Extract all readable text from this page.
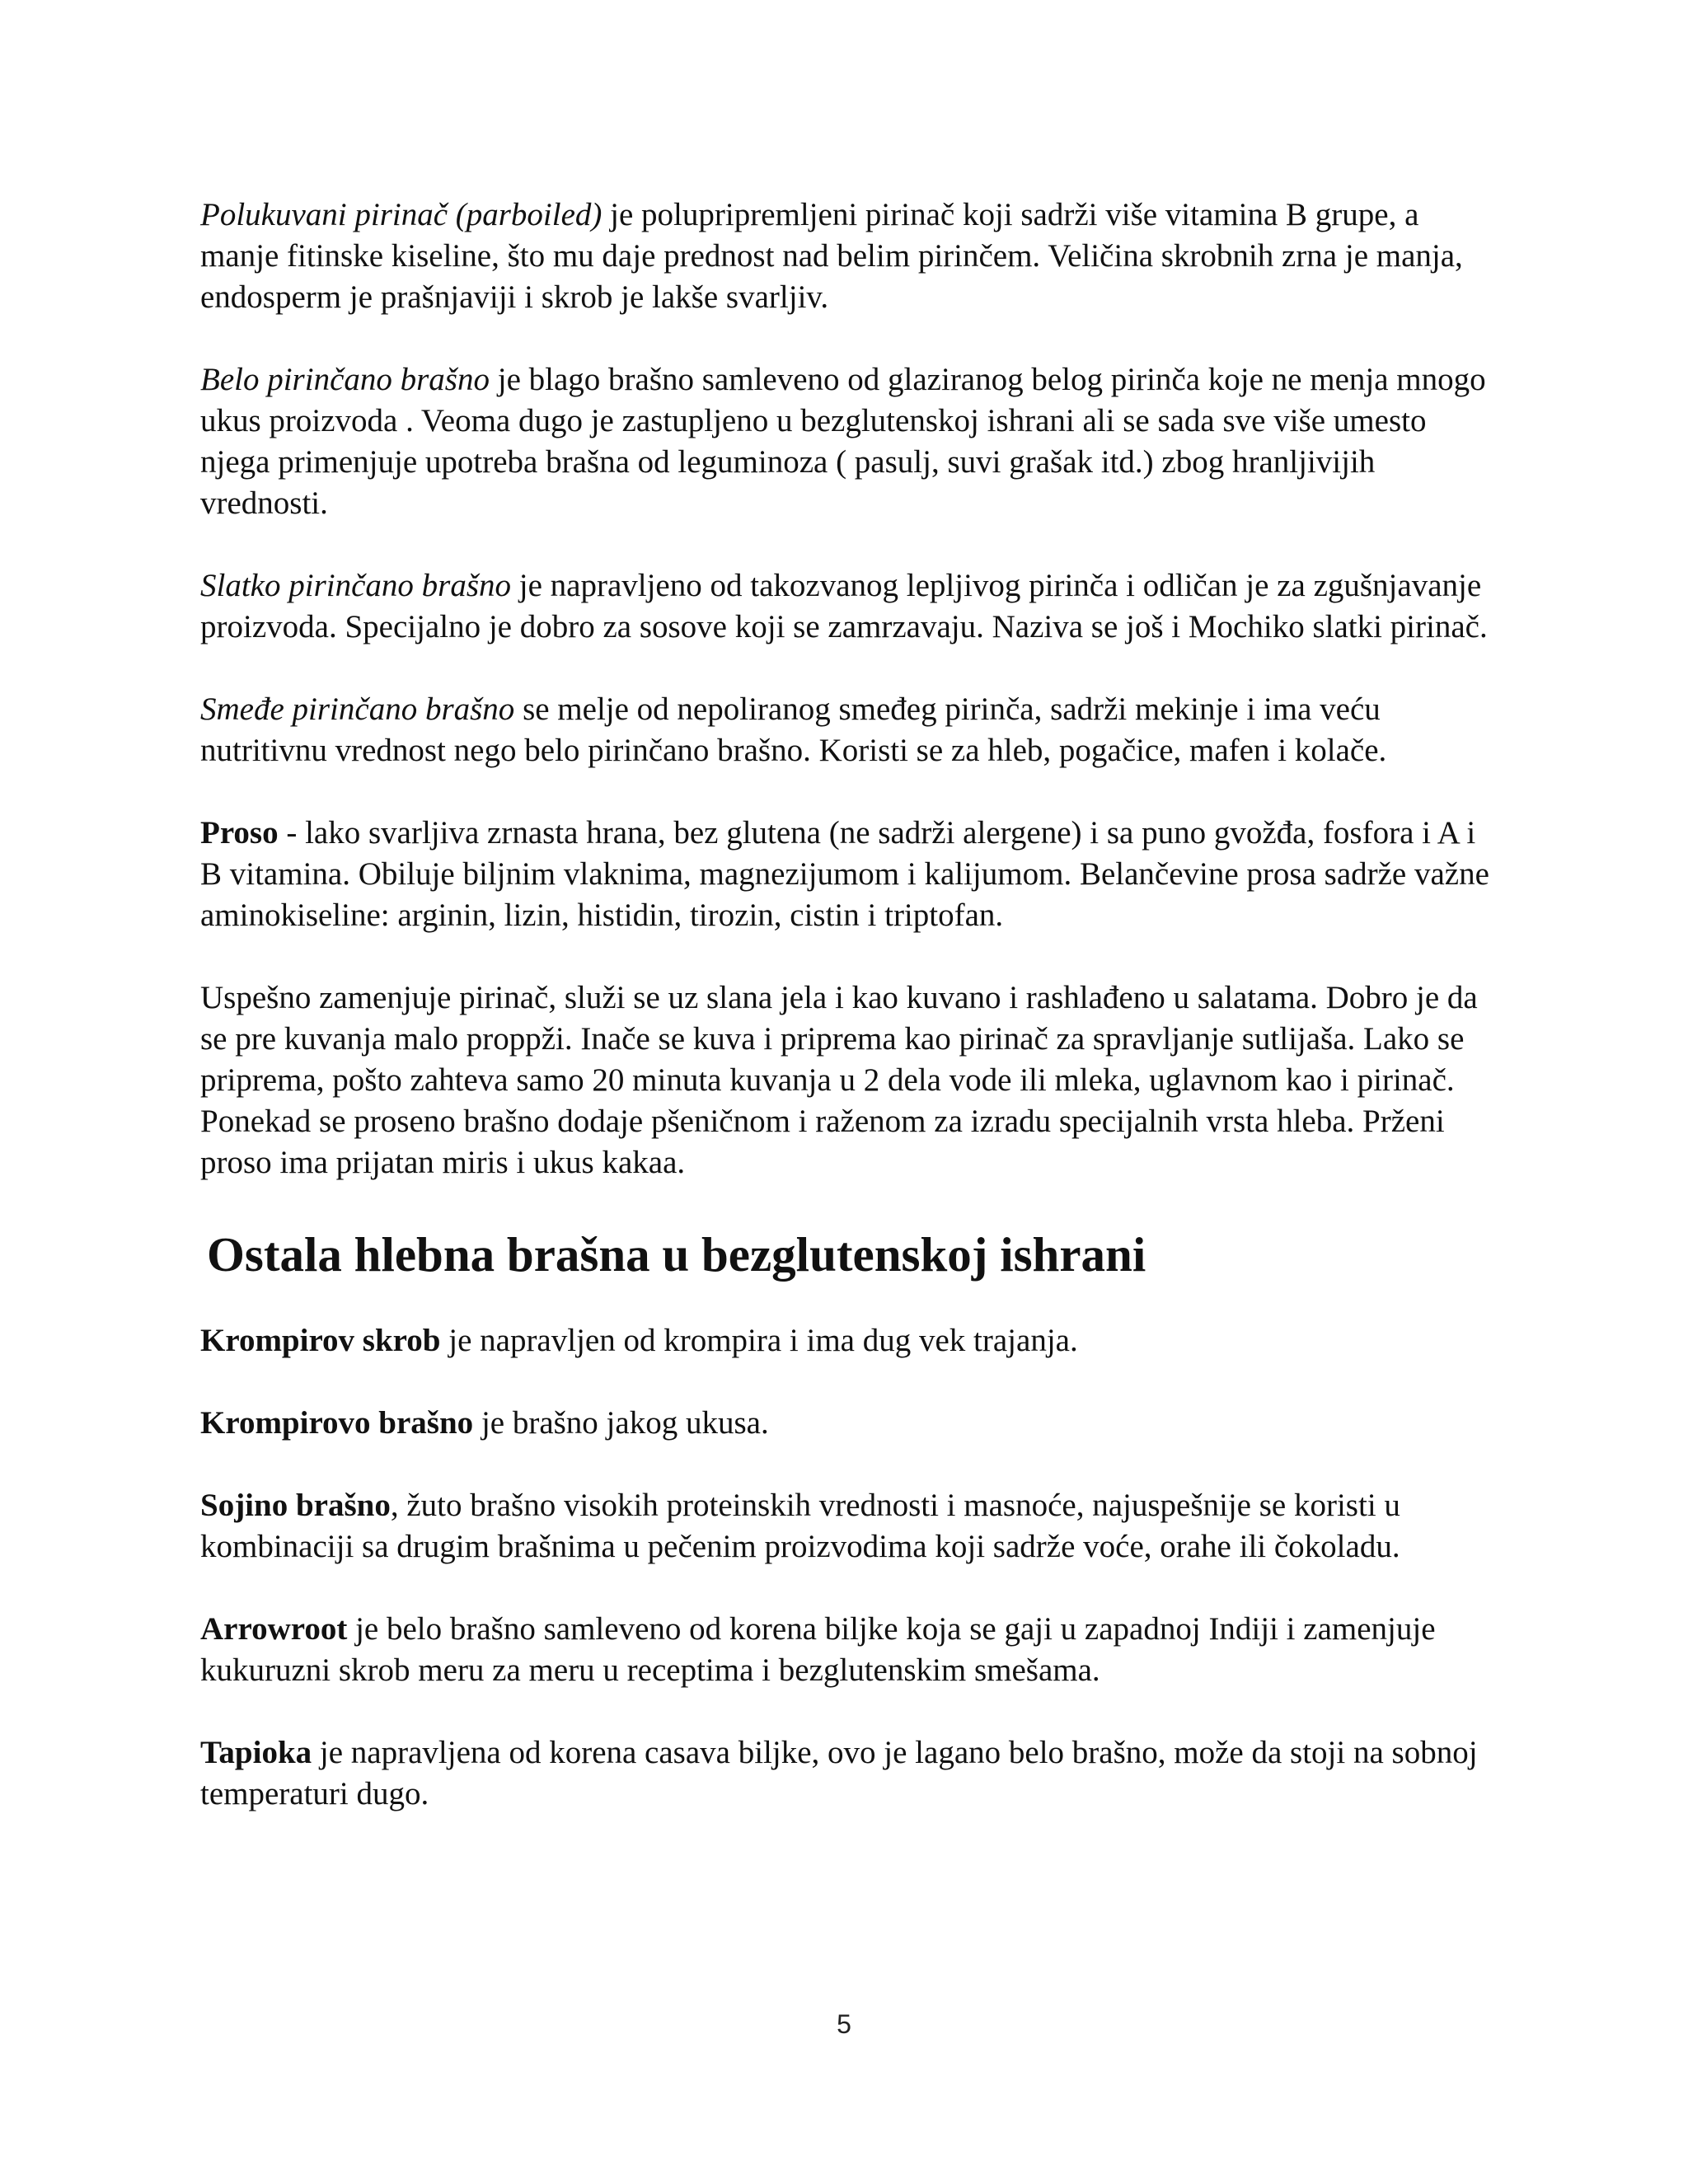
Polukuvani pirinač (parboiled) je polupripremljeni pirinač koji sadrži više vitamina B grupe, a manje fitinske kiseline, što mu daje prednost nad belim pirinčem. Veličina skrobnih zrna je manja, endosperm je prašnjaviji i skrob je lakše svarljiv.

Belo pirinčano brašno je blago brašno samleveno od glaziranog belog pirinča koje ne menja mnogo ukus proizvoda . Veoma dugo je zastupljeno u bezglutenskoj ishrani ali se sada sve više umesto njega primenjuje upotreba brašna od leguminoza ( pasulj, suvi grašak itd.) zbog hranljivijih vrednosti.

Slatko pirinčano brašno je napravljeno od takozvanog lepljivog pirinča i odličan je za zgušnjavanje proizvoda. Specijalno je dobro za sosove koji se zamrzavaju. Naziva se još i Mochiko slatki pirinač.

Smeđe pirinčano brašno se melje od nepoliranog smeđeg pirinča, sadrži mekinje i ima veću nutritivnu vrednost nego belo pirinčano brašno. Koristi se za hleb, pogačice, mafen i kolače.

Proso - lako svarljiva zrnasta hrana, bez glutena (ne sadrži alergene) i sa puno gvožđa, fosfora i A i B vitamina. Obiluje biljnim vlaknima, magnezijumom i kalijumom. Belančevine prosa sadrže važne aminokiseline: arginin, lizin, histidin, tirozin, cistin i triptofan.

Uspešno zamenjuje pirinač, služi se uz slana jela i kao kuvano i rashlađeno u salatama. Dobro je da se pre kuvanja malo propрži. Inače se kuva i priprema kao pirinač za spravljanje sutlijaša. Lako se priprema, pošto zahteva samo 20 minuta kuvanja u 2 dela vode ili mleka, uglavnom kao i pirinač. Ponekad se proseno brašno dodaje pšeničnom i raženom za izradu specijalnih vrsta hleba. Prženi proso ima prijatan miris i ukus kakaa.

Ostala hlebna brašna u bezglutenskoj ishrani

Krompirov skrob je napravljen od krompira i ima dug vek trajanja.

Krompirovo brašno je brašno jakog ukusa.

Sojino brašno, žuto brašno visokih proteinskih vrednosti i masnoće, najuspešnije se koristi u kombinaciji sa drugim brašnima u pečenim proizvodima koji sadrže voće, orahe ili čokoladu.

Arrowroot je belo brašno samleveno od korena biljke koja se gaji u zapadnoj Indiji i zamenjuje kukuruzni skrob meru za meru u receptima i bezglutenskim smešama.

Tapioka je napravljena od korena casava biljke, ovo je lagano belo brašno, može da stoji na sobnoj temperaturi dugo.

5
